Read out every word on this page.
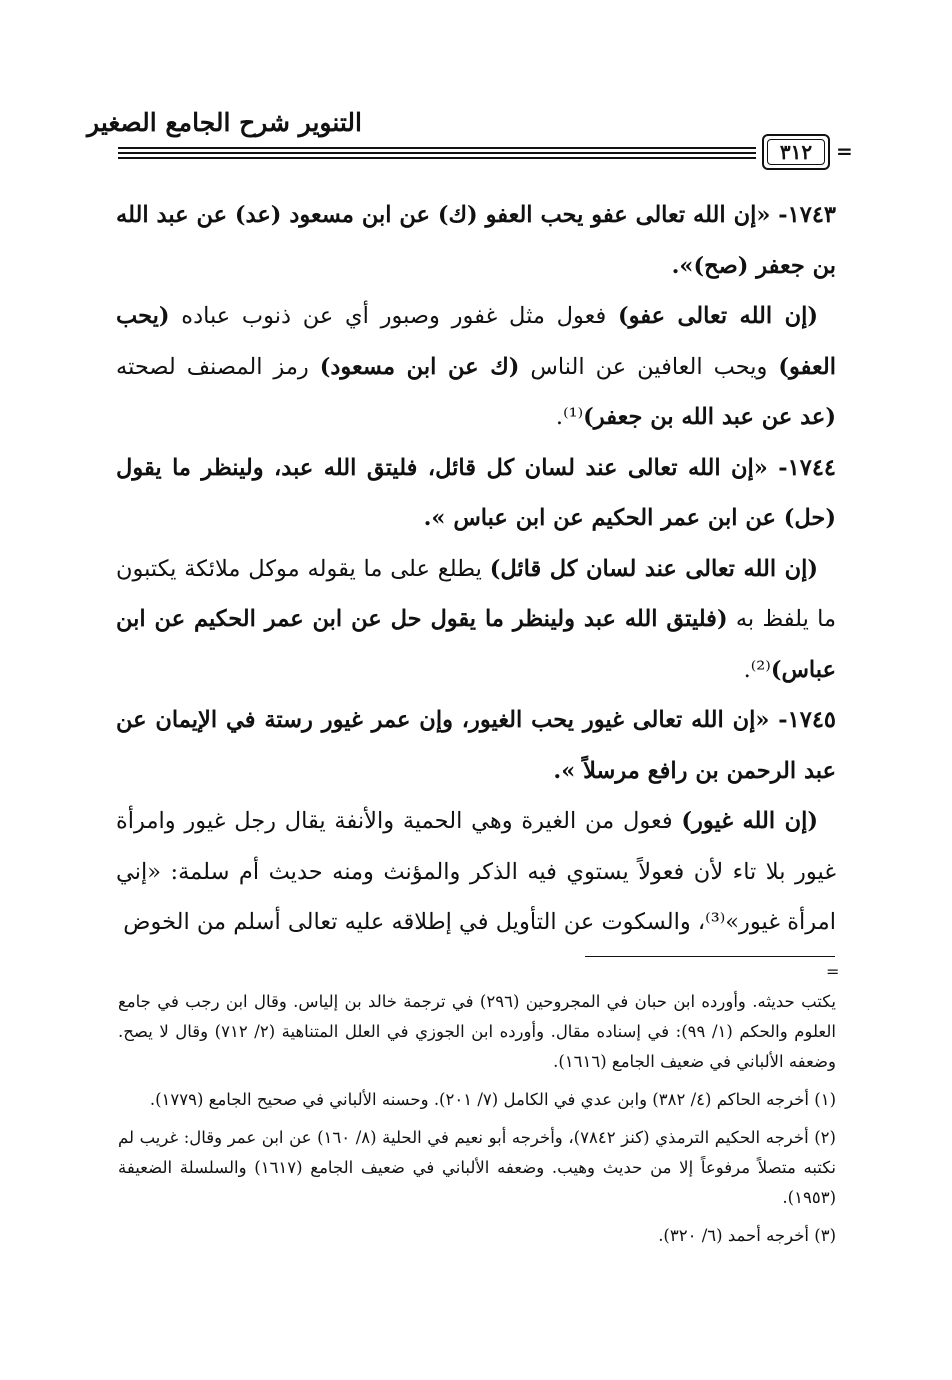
التنوير شرح الجامع الصغير
٣١٢ =

١٧٤٣- «إن الله تعالى عفو يحب العفو (ك) عن ابن مسعود (عد) عن عبد الله بن جعفر (صح)».

(إن الله تعالى عفو) فعول مثل غفور وصبور أي عن ذنوب عباده (يحب العفو) ويحب العافين عن الناس (ك عن ابن مسعود) رمز المصنف لصحته (عد عن عبد الله بن جعفر)⁽¹⁾.

١٧٤٤- «إن الله تعالى عند لسان كل قائل، فليتق الله عبد، ولينظر ما يقول (حل) عن ابن عمر الحكيم عن ابن عباس ».

(إن الله تعالى عند لسان كل قائل) يطلع على ما يقوله موكل ملائكة يكتبون ما يلفظ به (فليتق الله عبد ولينظر ما يقول حل عن ابن عمر الحكيم عن ابن عباس)⁽²⁾.

١٧٤٥- «إن الله تعالى غيور يحب الغيور، وإن عمر غيور رستة في الإيمان عن عبد الرحمن بن رافع مرسلاً ».

(إن الله غيور) فعول من الغيرة وهي الحمية والأنفة يقال رجل غيور وامرأة غيور بلا تاء لأن فعولاً يستوي فيه الذكر والمؤنث ومنه حديث أم سلمة: «إني امرأة غيور»⁽³⁾، والسكوت عن التأويل في إطلاقه عليه تعالى أسلم من الخوض

=

يكتب حديثه. وأورده ابن حبان في المجروحين (٢٩٦) في ترجمة خالد بن إلياس. وقال ابن رجب في جامع العلوم والحكم (١/ ٩٩): في إسناده مقال. وأورده ابن الجوزي في العلل المتناهية (٢/ ٧١٢) وقال لا يصح. وضعفه الألباني في ضعيف الجامع (١٦١٦).

(١) أخرجه الحاكم (٤/ ٣٨٢) وابن عدي في الكامل (٧/ ٢٠١). وحسنه الألباني في صحيح الجامع (١٧٧٩).

(٢) أخرجه الحكيم الترمذي (كنز ٧٨٤٢)، وأخرجه أبو نعيم في الحلية (٨/ ١٦٠) عن ابن عمر وقال: غريب لم نكتبه متصلاً مرفوعاً إلا من حديث وهيب. وضعفه الألباني في ضعيف الجامع (١٦١٧) والسلسلة الضعيفة (١٩٥٣).

(٣) أخرجه أحمد (٦/ ٣٢٠).
